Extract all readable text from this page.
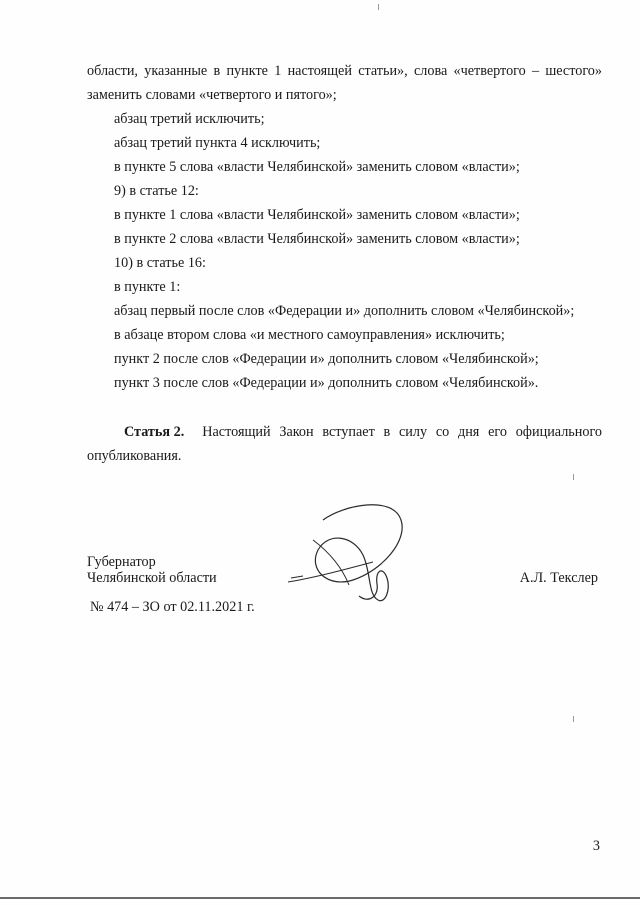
области, указанные в пункте 1 настоящей статьи», слова «четвертого – шестого»
заменить словами «четвертого и пятого»;
абзац третий исключить;
абзац третий пункта 4 исключить;
в пункте 5 слова «власти Челябинской» заменить словом «власти»;
9) в статье 12:
в пункте 1 слова «власти Челябинской» заменить словом «власти»;
в пункте 2 слова «власти Челябинской» заменить словом «власти»;
10) в статье 16:
в пункте 1:
абзац первый после слов «Федерации и» дополнить словом «Челябинской»;
в абзаце втором слова «и местного самоуправления» исключить;
пункт 2 после слов «Федерации и» дополнить словом «Челябинской»;
пункт 3 после слов «Федерации и» дополнить словом «Челябинской».
Статья 2. Настоящий Закон вступает в силу со дня его официального
опубликования.
Губернатор
Челябинской области	А.Л. Текслер
№ 474 – ЗО от 02.11.2021 г.
3
